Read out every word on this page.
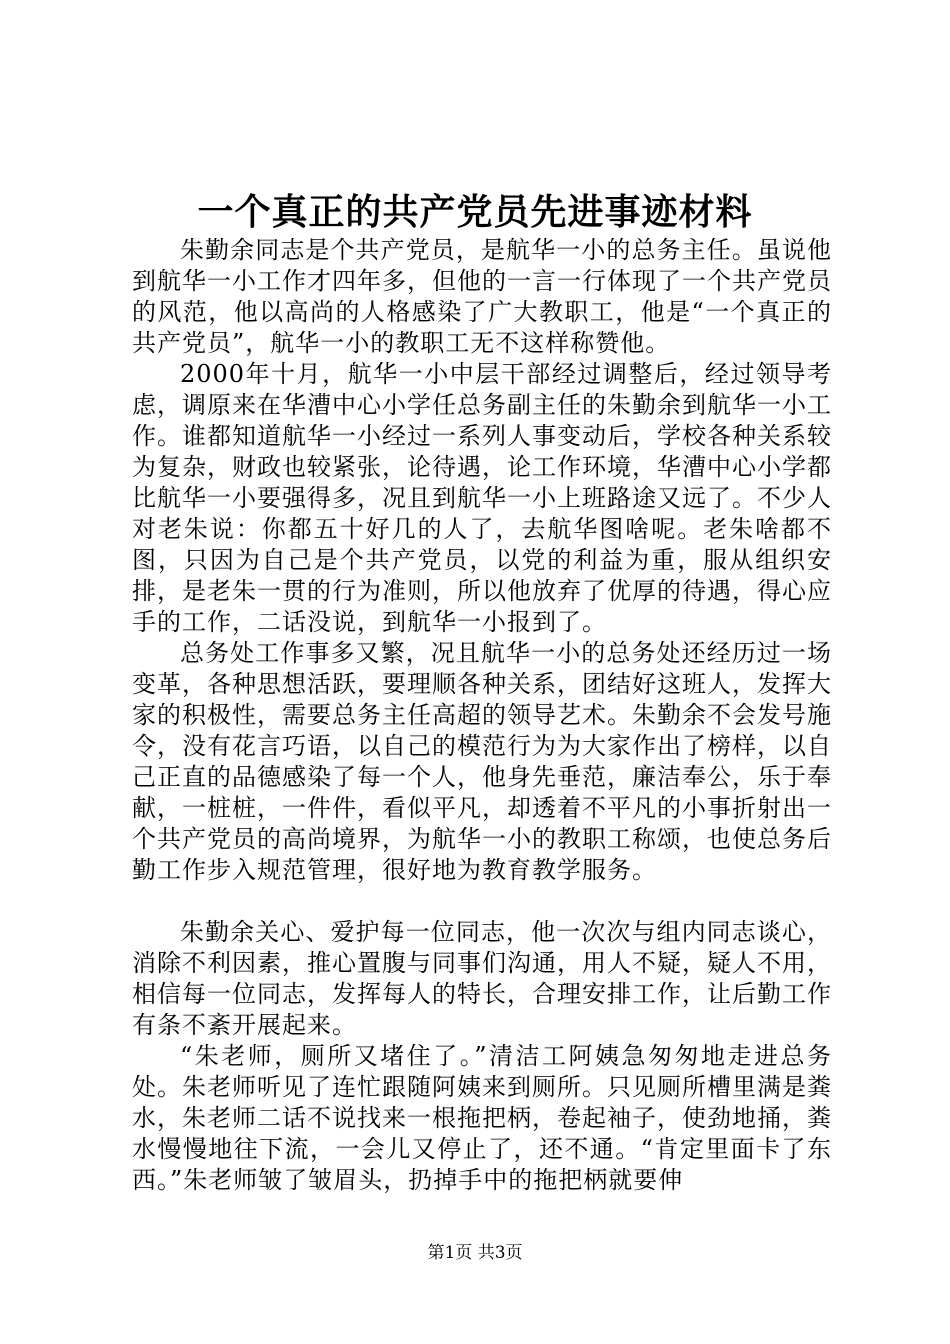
一个真正的共产党员先进事迹材料

朱勤余同志是个共产党员，是航华一小的总务主任。虽说他到航华一小工作才四年多，但他的一言一行体现了一个共产党员的风范，他以高尚的人格感染了广大教职工，他是“一个真正的共产党员”，航华一小的教职工无不这样称赞他。

2000年十月，航华一小中层干部经过调整后，经过领导考虑，调原来在华漕中心小学任总务副主任的朱勤余到航华一小工作。谁都知道航华一小经过一系列人事变动后，学校各种关系较为复杂，财政也较紧张，论待遇，论工作环境，华漕中心小学都比航华一小要强得多，况且到航华一小上班路途又远了。不少人对老朱说：你都五十好几的人了，去航华图啥呢。老朱啥都不图，只因为自己是个共产党员，以党的利益为重，服从组织安排，是老朱一贯的行为准则，所以他放弃了优厚的待遇，得心应手的工作，二话没说，到航华一小报到了。

总务处工作事多又繁，况且航华一小的总务处还经历过一场变革，各种思想活跃，要理顺各种关系，团结好这班人，发挥大家的积极性，需要总务主任高超的领导艺术。朱勤余不会发号施令，没有花言巧语，以自己的模范行为为大家作出了榜样，以自己正直的品德感染了每一个人，他身先垂范，廉洁奉公，乐于奉献，一桩桩，一件件，看似平凡，却透着不平凡的小事折射出一个共产党员的高尚境界，为航华一小的教职工称颂，也使总务后勤工作步入规范管理，很好地为教育教学服务。

朱勤余关心、爱护每一位同志，他一次次与组内同志谈心，消除不利因素，推心置腹与同事们沟通，用人不疑，疑人不用，相信每一位同志，发挥每人的特长，合理安排工作，让后勤工作有条不紊开展起来。

“朱老师，厕所又堵住了。”清洁工阿姨急匆匆地走进总务处。朱老师听见了连忙跟随阿姨来到厕所。只见厕所槽里满是粪水，朱老师二话不说找来一根拖把柄，卷起袖子，使劲地捅，粪水慢慢地往下流，一会儿又停止了，还不通。“肯定里面卡了东西。”朱老师皱了皱眉头，扔掉手中的拖把柄就要伸

第1页 共3页
